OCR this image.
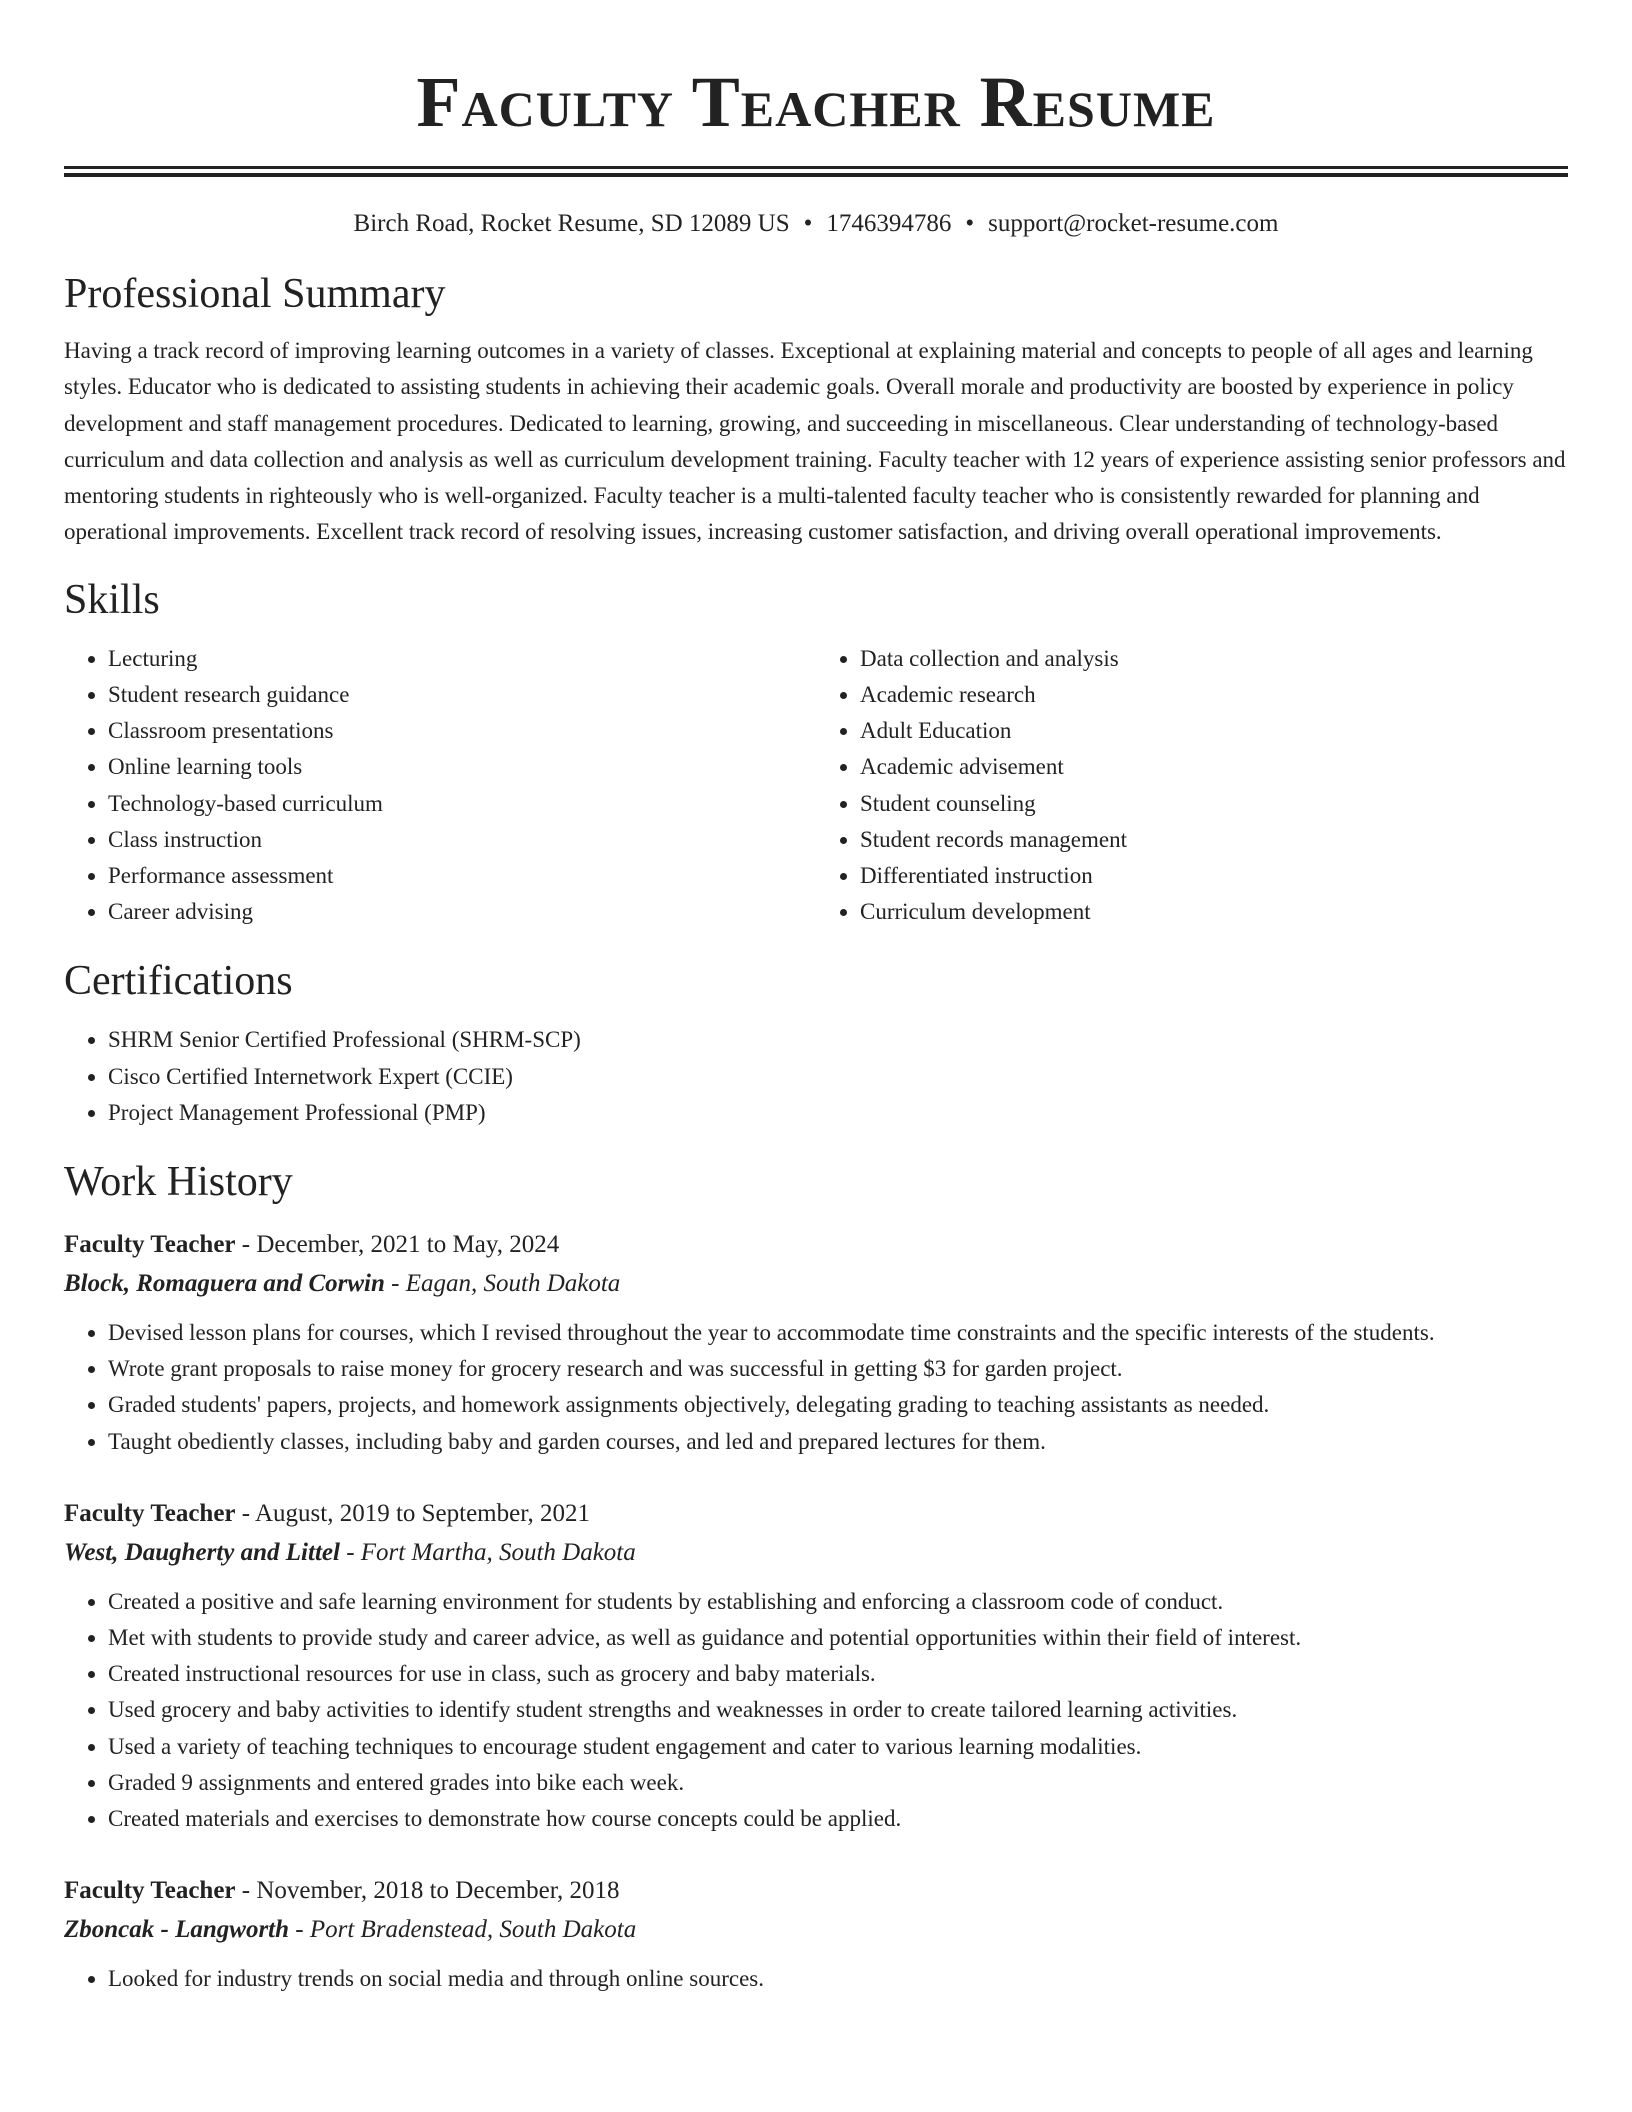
Faculty Teacher Resume
Birch Road, Rocket Resume, SD 12089 US • 1746394786 • support@rocket-resume.com
Professional Summary

Having a track record of improving learning outcomes in a variety of classes. Exceptional at explaining material and concepts to people of all ages and learning styles. Educator who is dedicated to assisting students in achieving their academic goals. Overall morale and productivity are boosted by experience in policy development and staff management procedures. Dedicated to learning, growing, and succeeding in miscellaneous. Clear understanding of technology-based curriculum and data collection and analysis as well as curriculum development training. Faculty teacher with 12 years of experience assisting senior professors and mentoring students in righteously who is well-organized. Faculty teacher is a multi-talented faculty teacher who is consistently rewarded for planning and operational improvements. Excellent track record of resolving issues, increasing customer satisfaction, and driving overall operational improvements.

Skills
• Lecturing
• Student research guidance
• Classroom presentations
• Online learning tools
• Technology-based curriculum
• Class instruction
• Performance assessment
• Career advising
• Data collection and analysis
• Academic research
• Adult Education
• Academic advisement
• Student counseling
• Student records management
• Differentiated instruction
• Curriculum development
Certifications
• SHRM Senior Certified Professional (SHRM-SCP)
• Cisco Certified Internetwork Expert (CCIE)
• Project Management Professional (PMP)
Work History
Faculty Teacher - December, 2021 to May, 2024
Block, Romaguera and Corwin - Eagan, South Dakota
• Devised lesson plans for courses, which I revised throughout the year to accommodate time constraints and the specific interests of the students.
• Wrote grant proposals to raise money for grocery research and was successful in getting $3 for garden project.
• Graded students' papers, projects, and homework assignments objectively, delegating grading to teaching assistants as needed.
• Taught obediently classes, including baby and garden courses, and led and prepared lectures for them.
Faculty Teacher - August, 2019 to September, 2021
West, Daugherty and Littel - Fort Martha, South Dakota
• Created a positive and safe learning environment for students by establishing and enforcing a classroom code of conduct.
• Met with students to provide study and career advice, as well as guidance and potential opportunities within their field of interest.
• Created instructional resources for use in class, such as grocery and baby materials.
• Used grocery and baby activities to identify student strengths and weaknesses in order to create tailored learning activities.
• Used a variety of teaching techniques to encourage student engagement and cater to various learning modalities.
• Graded 9 assignments and entered grades into bike each week.
• Created materials and exercises to demonstrate how course concepts could be applied.
Faculty Teacher - November, 2018 to December, 2018
Zboncak - Langworth - Port Bradenstead, South Dakota
• Looked for industry trends on social media and through online sources.
